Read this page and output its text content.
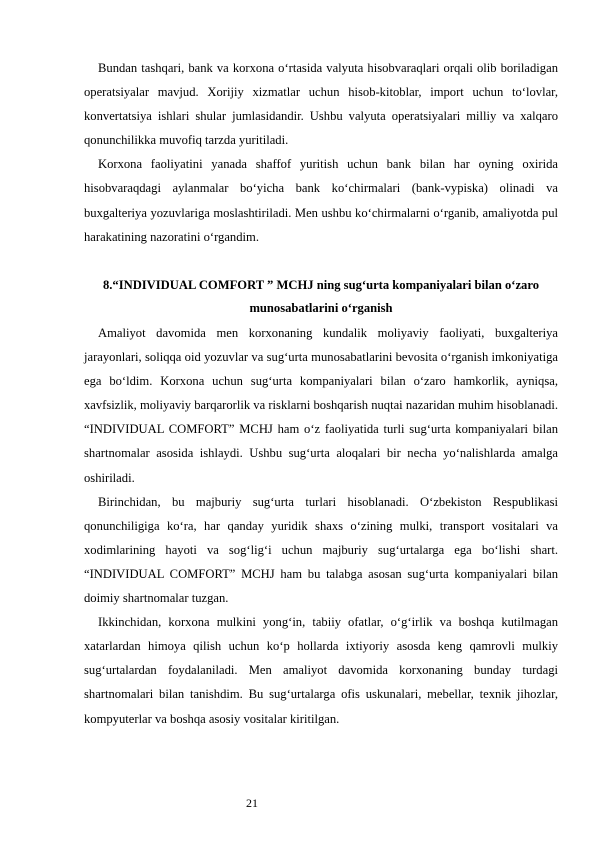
Bundan tashqari, bank va korxona o‘rtasida valyuta hisobvaraqlari orqali olib boriladigan operatsiyalar mavjud. Xorijiy xizmatlar uchun hisob-kitoblar, import uchun to‘lovlar, konvertatsiya ishlari shular jumlasidandir. Ushbu valyuta operatsiyalari milliy va xalqaro qonunchilikka muvofiq tarzda yuritiladi.

Korxona faoliyatini yanada shaffof yuritish uchun bank bilan har oyning oxirida hisobvaraqdagi aylanmalar bo‘yicha bank ko‘chirmalari (bank-vypiska) olinadi va buxgalteriya yozuvlariga moslashtiriladi. Men ushbu ko‘chirmalarni o‘rganib, amaliyotda pul harakatining nazoratini o‘rgandim.

8.“INDIVIDUAL COMFORT ” MCHJ ning sug‘urta kompaniyalari bilan o‘zaro munosabatlarini o‘rganish

Amaliyot davomida men korxonaning kundalik moliyaviy faoliyati, buxgalteriya jarayonlari, soliqqa oid yozuvlar va sug‘urta munosabatlarini bevosita o‘rganish imkoniyatiga ega bo‘ldim. Korxona uchun sug‘urta kompaniyalari bilan o‘zaro hamkorlik, ayniqsa, xavfsizlik, moliyaviy barqarorlik va risklarni boshqarish nuqtai nazaridan muhim hisoblanadi. “INDIVIDUAL COMFORT” MCHJ ham o‘z faoliyatida turli sug‘urta kompaniyalari bilan shartnomalar asosida ishlaydi. Ushbu sug‘urta aloqalari bir necha yo‘nalishlarda amalga oshiriladi.

Birinchidan, bu majburiy sug‘urta turlari hisoblanadi. O‘zbekiston Respublikasi qonunchiligiga ko‘ra, har qanday yuridik shaxs o‘zining mulki, transport vositalari va xodimlarining hayoti va sog‘lig‘i uchun majburiy sug‘urtalarga ega bo‘lishi shart. “INDIVIDUAL COMFORT” MCHJ ham bu talabga asosan sug‘urta kompaniyalari bilan doimiy shartnomalar tuzgan.

Ikkinchidan, korxona mulkini yong‘in, tabiiy ofatlar, o‘g‘irlik va boshqa kutilmagan xatarlardan himoya qilish uchun ko‘p hollarda ixtiyoriy asosda keng qamrovli mulkiy sug‘urtalardan foydalaniladi. Men amaliyot davomida korxonaning bunday turdagi shartnomalari bilan tanishdim. Bu sug‘urtalarga ofis uskunalari, mebellar, texnik jihozlar, kompyuterlar va boshqa asosiy vositalar kiritilgan.

21
